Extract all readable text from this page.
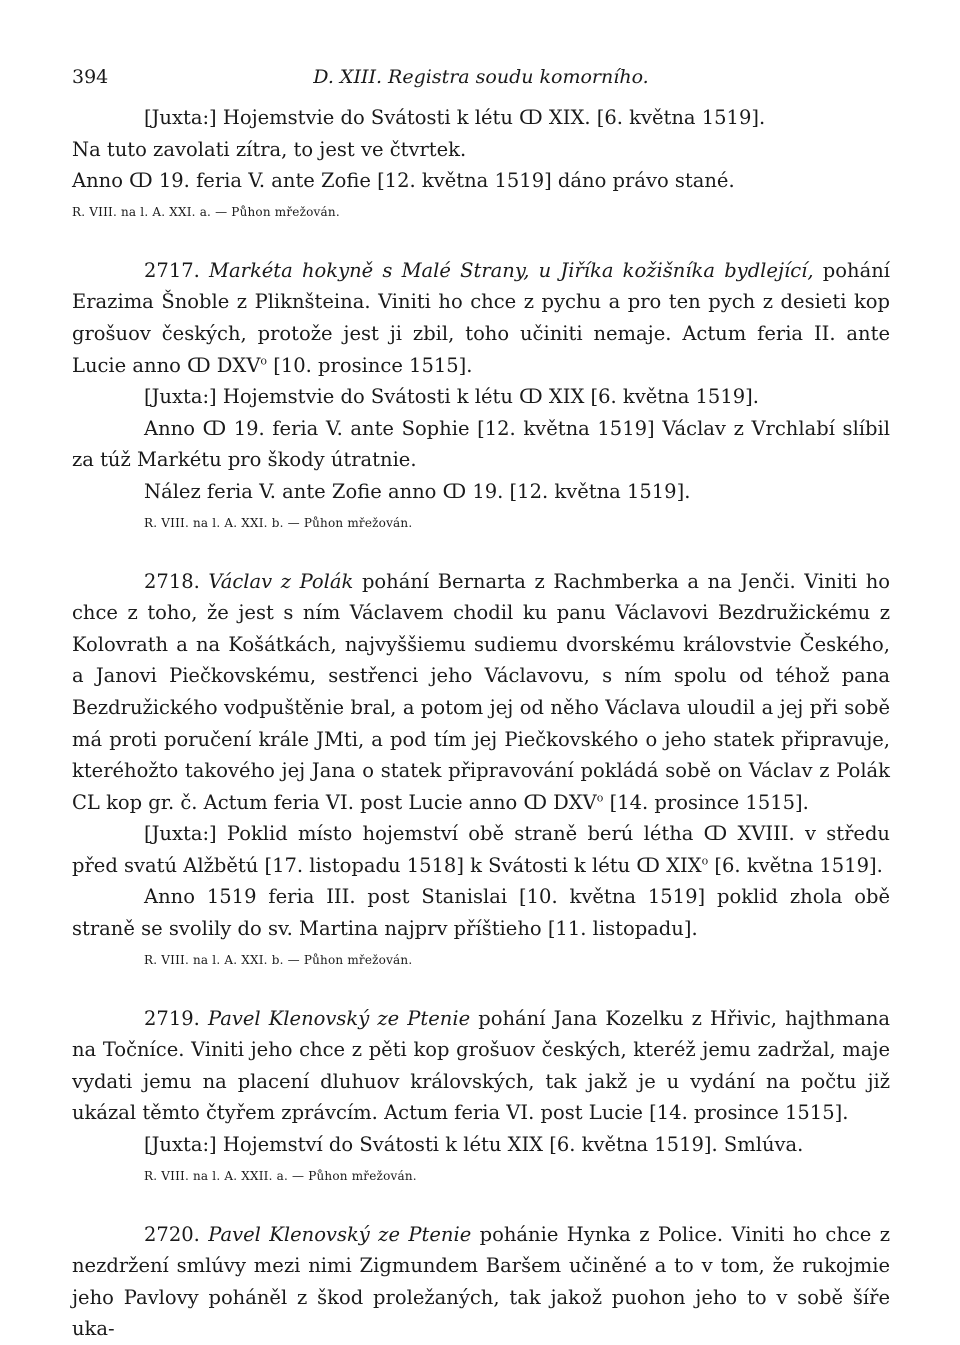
394	D. XIII. Registra soudu komorního.

[Juxta:] Hojemstvie do Svátosti k létu ↀ XIX. [6. května 1519].

Na tuto zavolati zítra, to jest ve čtvrtek.

Anno ↀ 19. feria V. ante Zofie [12. května 1519] dáno právo stané.

R. VIII. na l. A. XXI. a. — Půhon mřežován.

2717. Markéta hokyně s Malé Strany, u Jiříka kožišníka bydlející, pohání Erazima Šnoble z Pliknšteina. Viniti ho chce z pychu a pro ten pych z desieti kop grošuov českých, protože jest ji zbil, toho učiniti nemaje. Actum feria II. ante Lucie anno ↀ DXV$^o$ [10. prosince 1515].

[Juxta:] Hojemstvie do Svátosti k létu ↀ XIX [6. května 1519].

Anno ↀ 19. feria V. ante Sophie [12. května 1519] Václav z Vrchlabí slíbil za túž Markétu pro škody útratnie.

Nález feria V. ante Zofie anno ↀ 19. [12. května 1519].

R. VIII. na l. A. XXI. b. — Půhon mřežován.

2718. Václav z Polák pohání Bernarta z Rachmberka a na Jenči. Viniti ho chce z toho, že jest s ním Václavem chodil ku panu Václavovi Bezdružickému z Kolovrath a na Košátkách, najvyššiemu sudiemu dvorskému královstvie Českého, a Janovi Piečkovskému, sestřenci jeho Václavovu, s ním spolu od téhož pana Bezdružického vodpuštěnie bral, a potom jej od něho Václava uloudil a jej při sobě má proti poručení krále JMti, a pod tím jej Piečkovského o jeho statek připravuje, kteréhožto takového jej Jana o statek připravování pokládá sobě on Václav z Polák CL kop gr. č. Actum feria VI. post Lucie anno ↀ DXV$^o$ [14. prosince 1515].

[Juxta:] Poklid místo hojemství obě straně berú létha ↀ XVIII. v středu před svatú Alžbětú [17. listopadu 1518] k Svátosti k létu ↀ XIX$^o$ [6. května 1519].

Anno 1519 feria III. post Stanislai [10. května 1519] poklid zhola obě straně se svolily do sv. Martina najprv příštieho [11. listopadu].

R. VIII. na l. A. XXI. b. — Půhon mřežován.

2719. Pavel Klenovský ze Ptenie pohání Jana Kozelku z Hřivic, hajthmana na Točníce. Viniti jeho chce z pěti kop grošuov českých, kteréž jemu zadržal, maje vydati jemu na placení dluhuov královských, tak jakž je u vydání na počtu již ukázal těmto čtyřem zprávcím. Actum feria VI. post Lucie [14. prosince 1515].

[Juxta:] Hojemství do Svátosti k létu XIX [6. května 1519]. Smlúva.

R. VIII. na l. A. XXII. a. — Půhon mřežován.

2720. Pavel Klenovský ze Ptenie pohánie Hynka z Police. Viniti ho chce z nezdržení smlúvy mezi nimi Zigmundem Baršem učiněné a to v tom, že rukojmie jeho Pavlovy poháněl z škod proležaných, tak jakož puohon jeho to v sobě šíře uka-
